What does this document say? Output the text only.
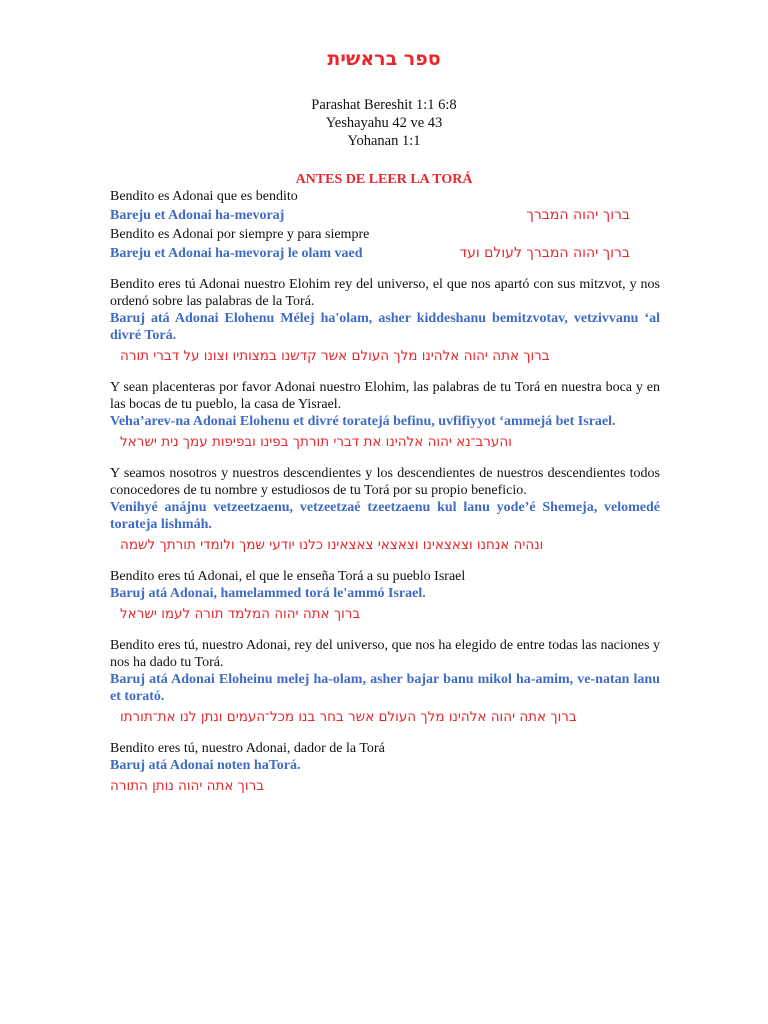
ספר בראשית
Parashat Bereshit 1:1 6:8
Yeshayahu 42 ve 43
Yohanan 1:1
ANTES DE LEER LA TORÁ

Bendito es Adonai que es bendito

Bareju et Adonai ha-mevoraj	ברוך יהוה המברך

Bendito es Adonai por siempre y para siempre

Bareju et Adonai ha-mevoraj le olam vaed	ברוך יהוה המברך לעולם ועד

Bendito eres tú Adonai nuestro Elohim rey del universo, el que nos apartó con sus mitzvot, y nos ordenó sobre las palabras de la Torá.

Baruj atá Adonai Elohenu Mélej ha'olam, asher kiddeshanu bemitzvotav, vetzivvanu ‘al divré Torá.

ברוך אתה יהוה אלהינו מלך העולם אשר קדשנו במצותיו וצונו על דברי תורה

Y sean placenteras por favor Adonai nuestro Elohim, las palabras de tu Torá en nuestra boca y en las bocas de tu pueblo, la casa de Yisrael.

Veha’arev-na Adonai Elohenu et divré toratejá befinu, uvfifiyyot ‘ammejá bet Israel.

והערב־נא יהוה אלהינו את דברי תורתך בפינו ובפיפות עמך נית ישראל

Y seamos nosotros y nuestros descendientes y los descendientes de nuestros descendientes todos conocedores de tu nombre y estudiosos de tu Torá por su propio beneficio.

Venihyé anájnu vetzeetzaenu, vetzeetzaé tzeetzaenu kul lanu yode’é Shemeja, velomedé torateja lishmáh.

ונהיה אנחנו וצאצאינו וצאצאי צאצאינו כלנו יודעי שמך ולומדי תורתך לשמה

Bendito eres tú Adonai, el que le enseña Torá a su pueblo Israel

Baruj atá Adonai, hamelammed torá le'ammó Israel.

ברוך אתה יהוה המלמד תורה לעמו ישראל

Bendito eres tú, nuestro Adonai, rey del universo, que nos ha elegido de entre todas las naciones y nos ha dado tu Torá.

Baruj atá Adonai Eloheinu melej ha-olam, asher bajar banu mikol ha-amim, ve-natan lanu et torató.

ברוך אתה יהוה אלהינו מלך העולם אשר בחר בנו מכל־העמים ונתן לנו את־תורתו

Bendito eres tú, nuestro Adonai, dador de la Torá

Baruj atá Adonai noten haTorá.

ברוך אתה יהוה נותן התורה
